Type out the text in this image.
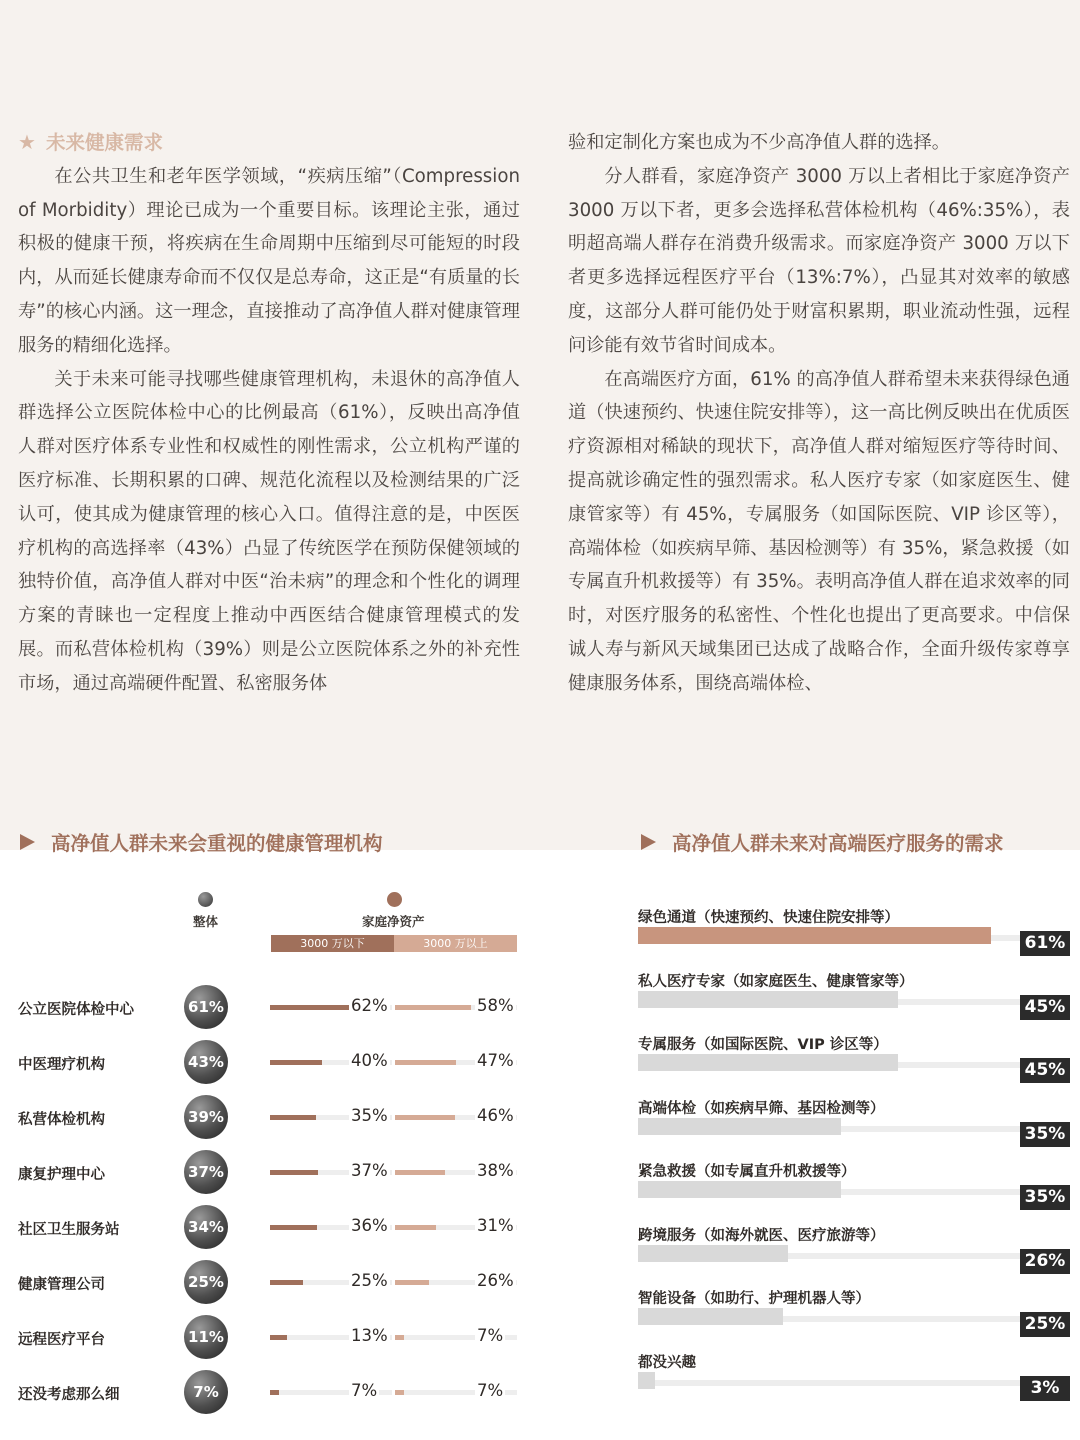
★ 未来健康需求

在公共卫生和老年医学领域，“疾病压缩”（Compression of Morbidity）理论已成为一个重要目标。该理论主张，通过积极的健康干预，将疾病在生命周期中压缩到尽可能短的时段内，从而延长健康寿命而不仅仅是总寿命，这正是“有质量的长寿”的核心内涵。这一理念，直接推动了高净值人群对健康管理服务的精细化选择。

关于未来可能寻找哪些健康管理机构，未退休的高净值人群选择公立医院体检中心的比例最高（61%），反映出高净值人群对医疗体系专业性和权威性的刚性需求，公立机构严谨的医疗标准、长期积累的口碑、规范化流程以及检测结果的广泛认可，使其成为健康管理的核心入口。值得注意的是，中医医疗机构的高选择率（43%）凸显了传统医学在预防保健领域的独特价值，高净值人群对中医“治未病”的理念和个性化的调理方案的青睐也一定程度上推动中西医结合健康管理模式的发展。而私营体检机构（39%）则是公立医院体系之外的补充性市场，通过高端硬件配置、私密服务体

验和定制化方案也成为不少高净值人群的选择。

分人群看，家庭净资产 3000 万以上者相比于家庭净资产 3000 万以下者，更多会选择私营体检机构（46%:35%），表明超高端人群存在消费升级需求。而家庭净资产 3000 万以下者更多选择远程医疗平台（13%:7%），凸显其对效率的敏感度，这部分人群可能仍处于财富积累期，职业流动性强，远程问诊能有效节省时间成本。

在高端医疗方面，61% 的高净值人群希望未来获得绿色通道（快速预约、快速住院安排等），这一高比例反映出在优质医疗资源相对稀缺的现状下，高净值人群对缩短医疗等待时间、提高就诊确定性的强烈需求。私人医疗专家（如家庭医生、健康管家等）有 45%，专属服务（如国际医院、VIP 诊区等），高端体检（如疾病早筛、基因检测等）有 35%，紧急救援（如专属直升机救援等）有 35%。表明高净值人群在追求效率的同时，对医疗服务的私密性、个性化也提出了更高要求。中信保诚人寿与新风天域集团已达成了战略合作，全面升级传家尊享健康服务体系，围绕高端体检、

高净值人群未来会重视的健康管理机构	高净值人群未来对高端医疗服务的需求
整体	家庭净资产
3000 万以下	3000 万以上
公立医院体检中心	61%	62%	58%
中医理疗机构	43%	40%	47%
私营体检机构	39%	35%	46%
康复护理中心	37%	37%	38%
社区卫生服务站	34%	36%	31%
健康管理公司	25%	25%	26%
远程医疗平台	11%	13%	7%
还没考虑那么细	7%	7%	7%
绿色通道（快速预约、快速住院安排等）
61%
私人医疗专家（如家庭医生、健康管家等）
45%
专属服务（如国际医院、VIP 诊区等）
45%
高端体检（如疾病早筛、基因检测等）
35%
紧急救援（如专属直升机救援等）
35%
跨境服务（如海外就医、医疗旅游等）
26%
智能设备（如助行、护理机器人等）
25%
都没兴趣
3%
